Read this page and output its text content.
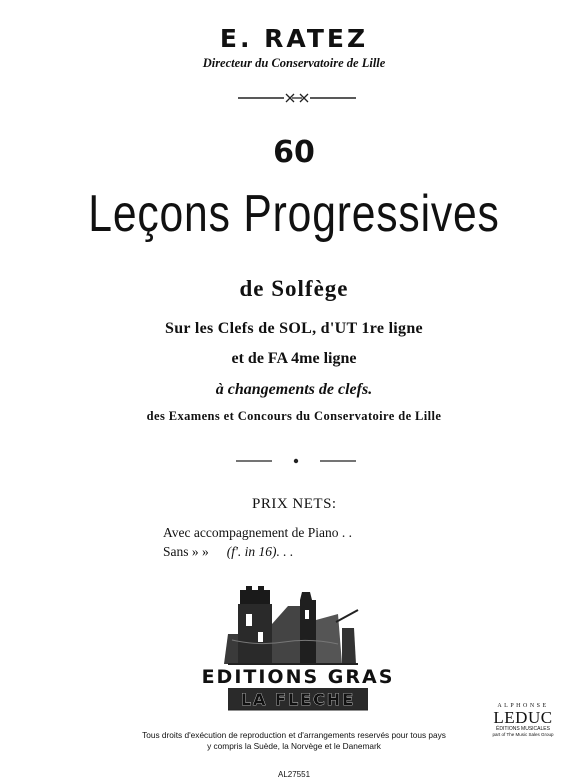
E. RATEZ
Directeur du Conservatoire de Lille
60
Leçons Progressives
de Solfège
Sur les Clefs de SOL, d'UT 1re ligne
et de FA 4me ligne
à changements de clefs.
des Examens et Concours du Conservatoire de Lille
PRIX NETS:
Avec accompagnement de Piano . .
Sans » » (f'. in 16). . .
EDITIONS GRAS
LA FLECHE
Tous droits d'exécution de reproduction et d'arrangements reservés pour tous pays
y compris la Suède, la Norvège et le Danemark
AL27551
ALPHONSE
LEDUC
ÉDITIONS MUSICALES
part of The Music Sales Group
